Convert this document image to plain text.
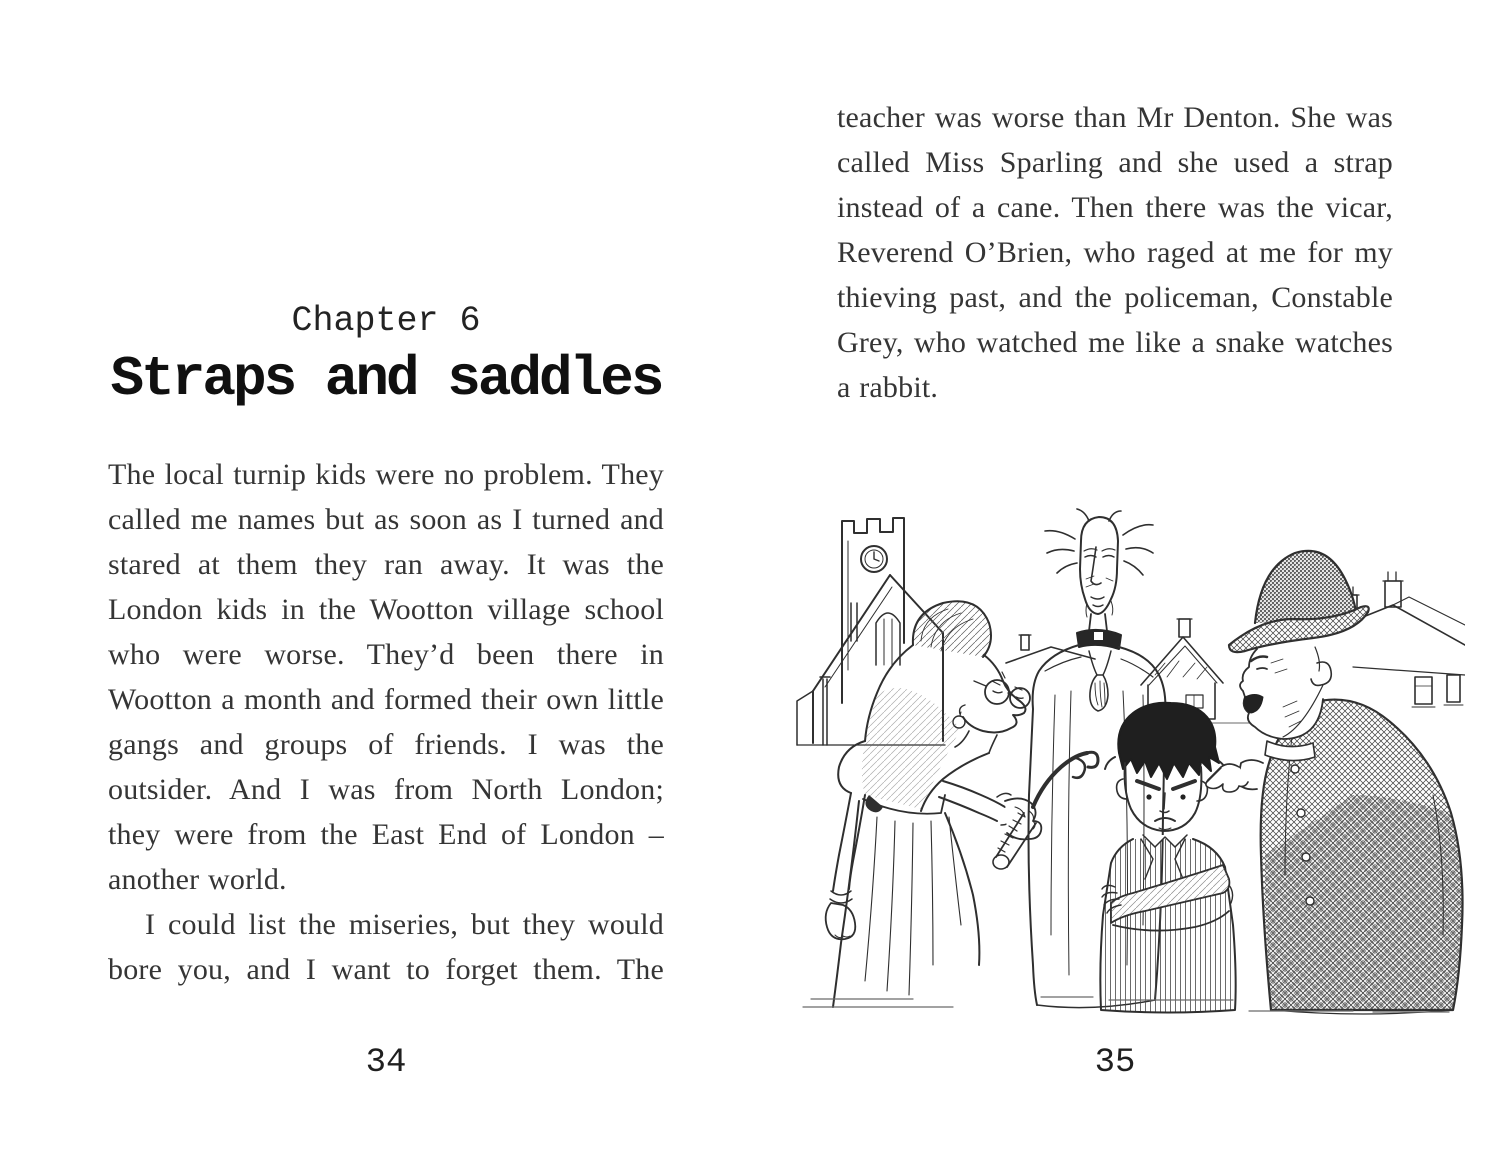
Chapter 6
Straps and saddles

The local turnip kids were no problem. They called me names but as soon as I turned and stared at them they ran away. It was the London kids in the Wootton village school who were worse. They’d been there in Wootton a month and formed their own little gangs and groups of friends. I was the outsider. And I was from North London; they were from the East End of London – another world.

I could list the miseries, but they would bore you, and I want to forget them. The

34

teacher was worse than Mr Denton. She was called Miss Sparling and she used a strap instead of a cane. Then there was the vicar, Reverend O’Brien, who raged at me for my thieving past, and the policeman, Constable Grey, who watched me like a snake watches a rabbit.

35
